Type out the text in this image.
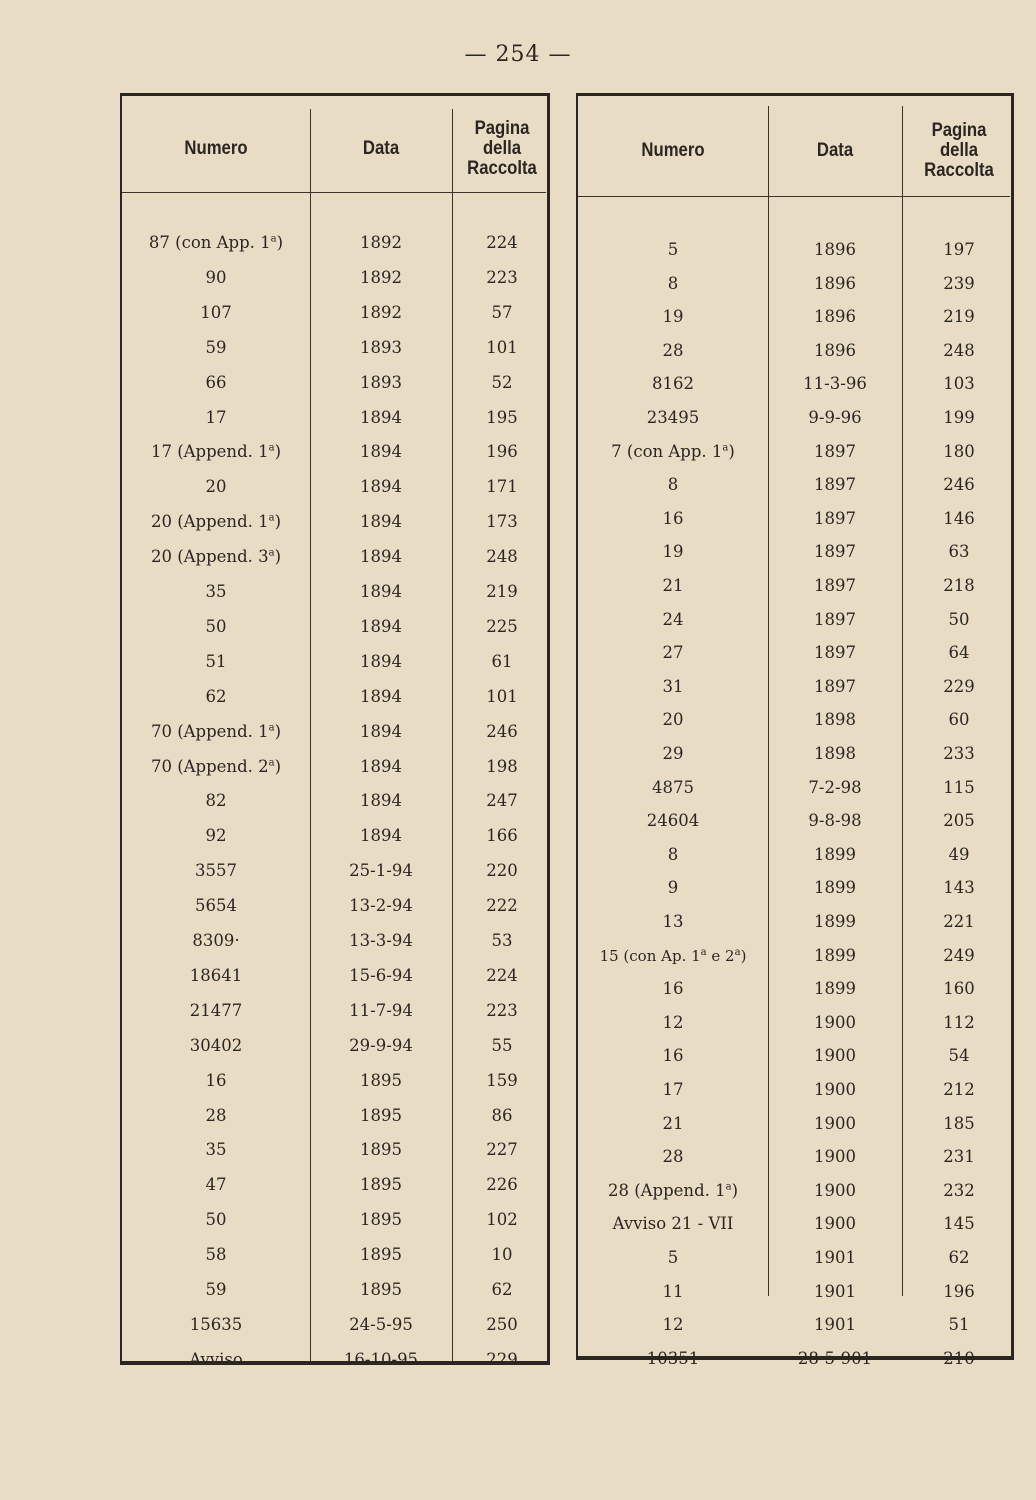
— 254 —
Numero	Data
Pagina
della
Raccolta
87 (con App. 1$^a$)	1892	224
90	1892	223
107	1892	57
59	1893	101
66	1893	52
17	1894	195
17 (Append. 1$^a$)	1894	196
20	1894	171
20 (Append. 1$^a$)	1894	173
20 (Append. 3$^a$)	1894	248
35	1894	219
50	1894	225
51	1894	61
62	1894	101
70 (Append. 1$^a$)	1894	246
70 (Append. 2$^a$)	1894	198
82	1894	247
92	1894	166
3557	25-1-94	220
5654	13-2-94	222
8309·	13-3-94	53
18641	15-6-94	224
21477	11-7-94	223
30402	29-9-94	55
16	1895	159
28	1895	86
35	1895	227
47	1895	226
50	1895	102
58	1895	10
59	1895	62
15635	24-5-95	250
Avviso	16-10-95	229
Numero	Data
Pagina
della
Raccolta
5	1896	197
8	1896	239
19	1896	219
28	1896	248
8162	11-3-96	103
23495	9-9-96	199
7 (con App. 1$^a$)	1897	180
8	1897	246
16	1897	146
19	1897	63
21	1897	218
24	1897	50
27	1897	64
31	1897	229
20	1898	60
29	1898	233
4875	7-2-98	115
24604	9-8-98	205
8	1899	49
9	1899	143
13	1899	221
15 (con Ap. 1$^a$ e 2$^a$)	1899	249
16	1899	160
12	1900	112
16	1900	54
17	1900	212
21	1900	185
28	1900	231
28 (Append. 1$^a$)	1900	232
Avviso 21 - VII	1900	145
5	1901	62
11	1901	196
12	1901	51
10351	28-5-901	210
